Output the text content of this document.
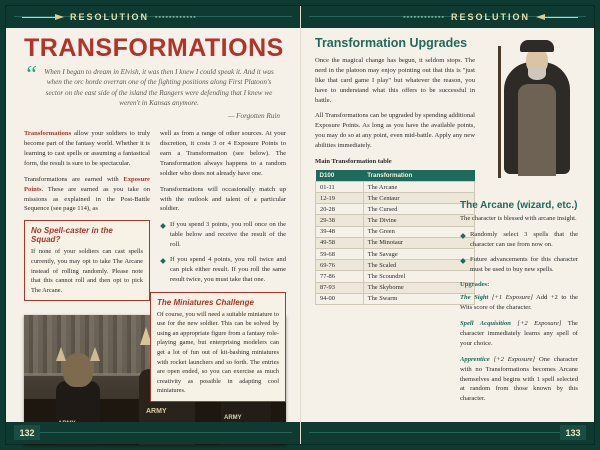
RESOLUTION ▪▪▪▪▪▪▪▪▪▪▪▪
TRANSFORMATIONS
“ When I began to dream in Elvish, it was then I knew I could speak it. And it was when the orc horde overran one of the fighting positions along First Platoon's sector on the east side of the island the Rangers were defending that I knew we weren't in Kansas anymore.
— Forgotten Ruin

Transformations allow your soldiers to truly become part of the fantasy world. Whether it is learning to cast spells or assuming a fantastical form, the result is sure to be spectacular.

Transformations are earned with Exposure Points. These are earned as you take on missions as explained in the Post-Battle Sequence (see page 114), as

No Spell-caster in the Squad?

If none of your soldiers can cast spells currently, you may opt to take The Arcane instead of rolling randomly. Please note that this cannot roll and then opt to pick The Arcane.

well as from a range of other sources. At your discretion, it costs 3 or 4 Exposure Points to earn a Transformation (see below). The Transformation always happens to a random soldier who does not already have one.

Transformations will occasionally match up with the outlook and talent of a particular soldier.

If you spend 3 points, you roll once on the table below and receive the result of the roll.
If you spend 4 points, you roll twice and can pick either result. If you roll the same result twice, you must take that one.
ARMY
ARMY
The Miniatures Challenge

Of course, you will need a suitable miniature to use for the new soldier. This can be solved by using an appropriate figure from a fantasy role-playing game, but enterprising modelers can get a lot of fun out of kit-bashing miniatures with rocket launchers and so forth. The entries are open ended, so you can exercise as much creativity as possible in adapting cool miniatures.

132
RESOLUTION
▪▪▪▪▪▪▪▪▪▪▪▪
Transformation Upgrades

Once the magical change has begun, it seldom stops. The nerd in the platoon may enjoy pointing out that this is "just like that card game I play" but whatever the reason, you have to understand what this offers to be successful in battle.

All Transformations can be upgraded by spending additional Exposure Points. As long as you have the available points, you may do so at any point, even mid-battle. Apply any new abilities immediately.

Main Transformation table

D100	Transformation
01-11	The Arcane
12-19	The Centaur
20-28	The Cursed
29-38	The Divine
39-48	The Green
49-58	The Minotaur
59-68	The Savage
69-76	The Scaled
77-86	The Scoundrel
87-93	The Skyborne
94-00	The Swarm
The Arcane (wizard, etc.)

The character is blessed with arcane insight.

Randomly select 3 spells that the character can use from now on.
Future advancements for this character must be used to buy new spells.

Upgrades:

The Sight [+1 Exposure] Add +2 to the Wits score of the character.

Spell Acquisition [+2 Exposure] The character immediately learns any spell of your choice.

Apprentice [+2 Exposure] One character with no Transformations becomes Arcane themselves and begins with 1 spell selected at random from those known by this character.

133
